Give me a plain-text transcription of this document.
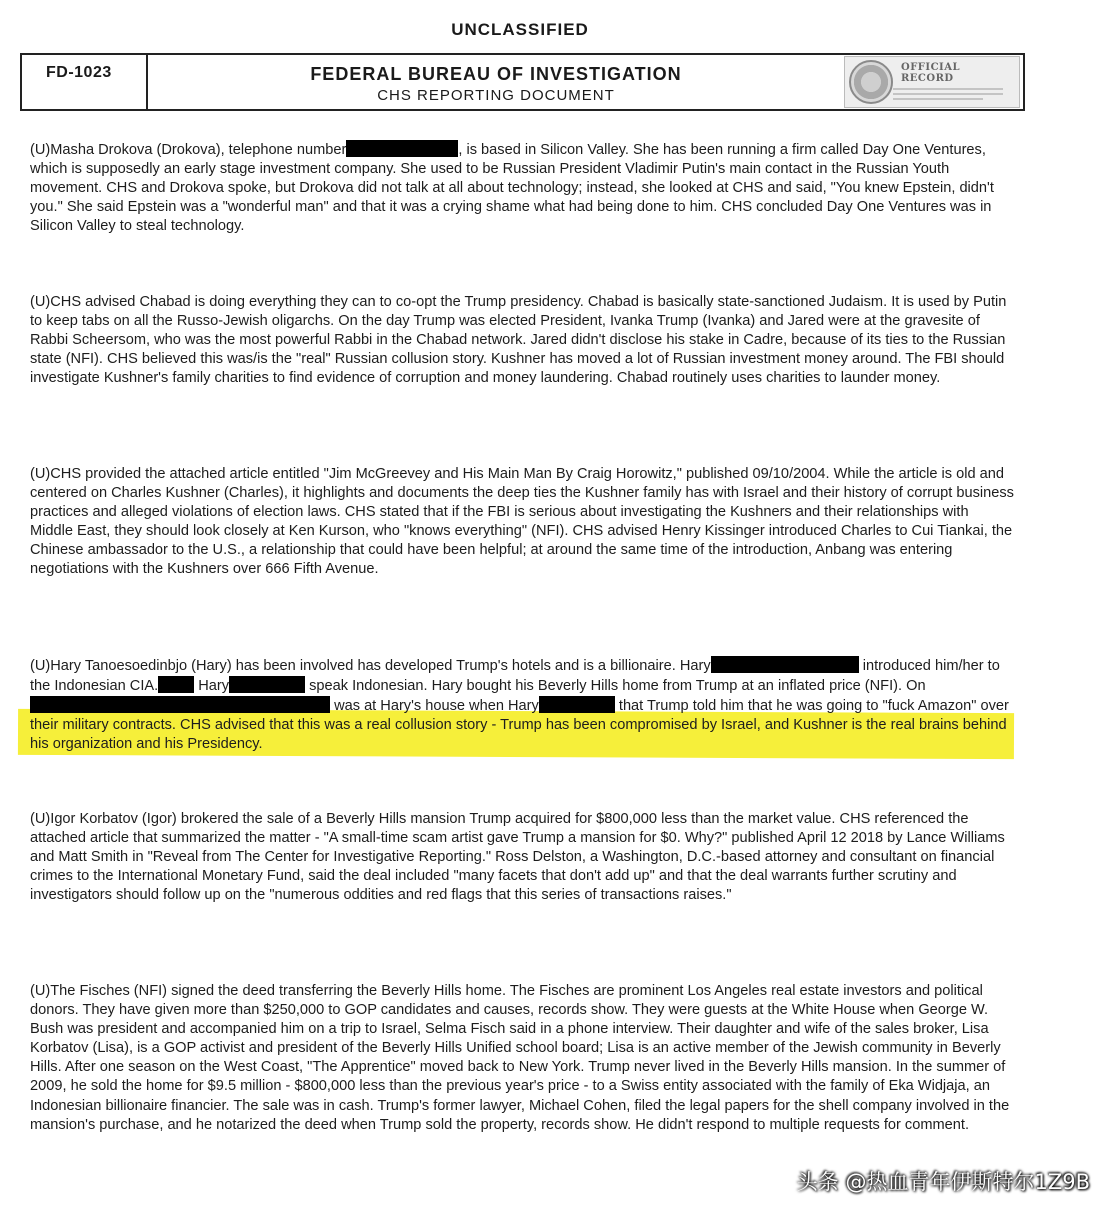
UNCLASSIFIED
FD-1023	FEDERAL BUREAU OF INVESTIGATION
CHS REPORTING DOCUMENT
OFFICIAL RECORD

(U)Masha Drokova (Drokova), telephone number	, is based in Silicon Valley. She has been running a firm called Day One Ventures, which is supposedly an early stage investment company. She used to be Russian President Vladimir Putin's main contact in the Russian Youth movement. CHS and Drokova spoke, but Drokova did not talk at all about technology; instead, she looked at CHS and said, "You knew Epstein, didn't you." She said Epstein was a "wonderful man" and that it was a crying shame what had being done to him. CHS concluded Day One Ventures was in Silicon Valley to steal technology.

(U)CHS advised Chabad is doing everything they can to co-opt the Trump presidency. Chabad is basically state-sanctioned Judaism. It is used by Putin to keep tabs on all the Russo-Jewish oligarchs. On the day Trump was elected President, Ivanka Trump (Ivanka) and Jared were at the gravesite of Rabbi Scheersom, who was the most powerful Rabbi in the Chabad network. Jared didn't disclose his stake in Cadre, because of its ties to the Russian state (NFI). CHS believed this was/is the "real" Russian collusion story. Kushner has moved a lot of Russian investment money around. The FBI should investigate Kushner's family charities to find evidence of corruption and money laundering. Chabad routinely uses charities to launder money.

(U)CHS provided the attached article entitled "Jim McGreevey and His Main Man By Craig Horowitz," published 09/10/2004. While the article is old and centered on Charles Kushner (Charles), it highlights and documents the deep ties the Kushner family has with Israel and their history of corrupt business practices and alleged violations of election laws. CHS stated that if the FBI is serious about investigating the Kushners and their relationships with Middle East, they should look closely at Ken Kurson, who "knows everything" (NFI). CHS advised Henry Kissinger introduced Charles to Cui Tiankai, the Chinese ambassador to the U.S., a relationship that could have been helpful; at around the same time of the introduction, Anbang was entering negotiations with the Kushners over 666 Fifth Avenue.

(U)Hary Tanoesoedinbjo (Hary) has been involved has developed Trump's hotels and is a billionaire. Hary	introduced him/her to the Indonesian CIA.	Hary	speak Indonesian. Hary bought his Beverly Hills home from Trump at an inflated price (NFI). On was at Hary's house when Hary	that Trump told him that he was going to "fuck Amazon" over their military contracts. CHS advised that this was a real collusion story - Trump has been compromised by Israel, and Kushner is the real brains behind his organization and his Presidency.

(U)Igor Korbatov (Igor) brokered the sale of a Beverly Hills mansion Trump acquired for $800,000 less than the market value. CHS referenced the attached article that summarized the matter - "A small-time scam artist gave Trump a mansion for $0. Why?" published April 12 2018 by Lance Williams and Matt Smith in "Reveal from The Center for Investigative Reporting." Ross Delston, a Washington, D.C.-based attorney and consultant on financial crimes to the International Monetary Fund, said the deal included "many facets that don't add up" and that the deal warrants further scrutiny and investigators should follow up on the "numerous oddities and red flags that this series of transactions raises."

(U)The Fisches (NFI) signed the deed transferring the Beverly Hills home. The Fisches are prominent Los Angeles real estate investors and political donors. They have given more than $250,000 to GOP candidates and causes, records show. They were guests at the White House when George W. Bush was president and accompanied him on a trip to Israel, Selma Fisch said in a phone interview. Their daughter and wife of the sales broker, Lisa Korbatov (Lisa), is a GOP activist and president of the Beverly Hills Unified school board; Lisa is an active member of the Jewish community in Beverly Hills. After one season on the West Coast, "The Apprentice" moved back to New York. Trump never lived in the Beverly Hills mansion. In the summer of 2009, he sold the home for $9.5 million - $800,000 less than the previous year's price - to a Swiss entity associated with the family of Eka Widjaja, an Indonesian billionaire financier. The sale was in cash. Trump's former lawyer, Michael Cohen, filed the legal papers for the shell company involved in the mansion's purchase, and he notarized the deed when Trump sold the property, records show. He didn't respond to multiple requests for comment.

头条 @热血青年伊斯特尔1Z9B
